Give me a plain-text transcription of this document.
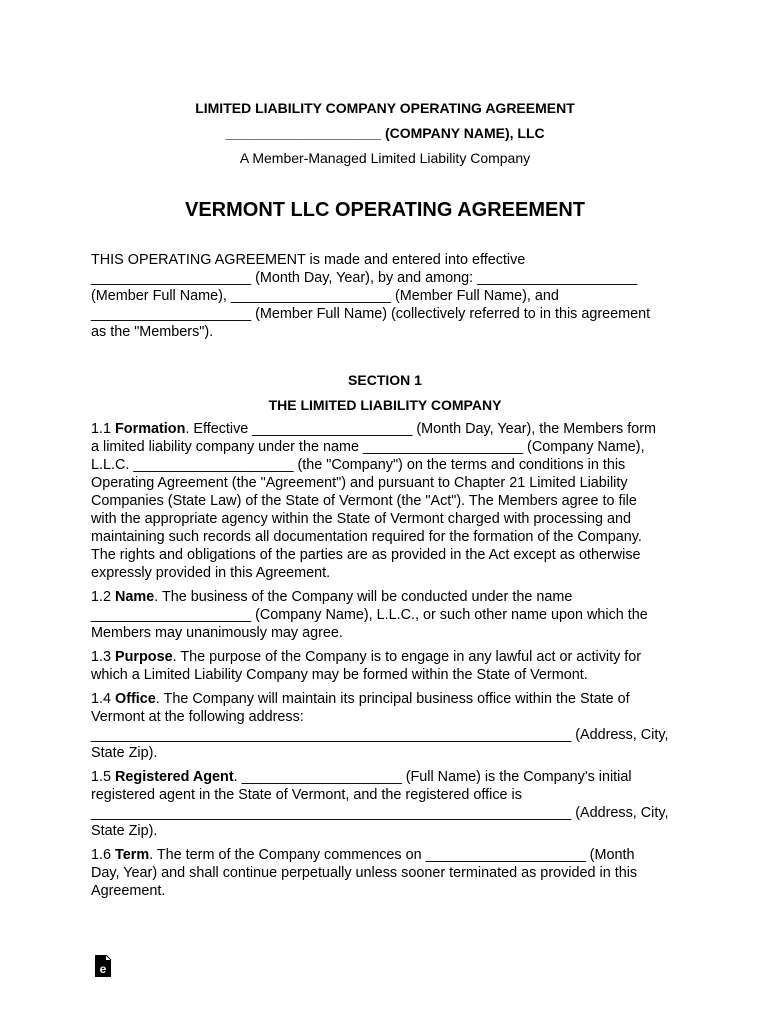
LIMITED LIABILITY COMPANY OPERATING AGREEMENT
____________________ (COMPANY NAME), LLC
A Member-Managed Limited Liability Company
VERMONT LLC OPERATING AGREEMENT
THIS OPERATING AGREEMENT is made and entered into effective
____________________ (Month Day, Year), by and among: ____________________
(Member Full Name), ____________________ (Member Full Name), and
____________________ (Member Full Name) (collectively referred to in this agreement
as the "Members").
SECTION 1
THE LIMITED LIABILITY COMPANY
1.1 Formation. Effective ____________________ (Month Day, Year), the Members form
a limited liability company under the name ____________________ (Company Name),
L.L.C. ____________________ (the "Company") on the terms and conditions in this
Operating Agreement (the "Agreement") and pursuant to Chapter 21 Limited Liability
Companies (State Law) of the State of Vermont (the "Act"). The Members agree to file
with the appropriate agency within the State of Vermont charged with processing and
maintaining such records all documentation required for the formation of the Company.
The rights and obligations of the parties are as provided in the Act except as otherwise
expressly provided in this Agreement.
1.2 Name. The business of the Company will be conducted under the name
____________________ (Company Name), L.L.C., or such other name upon which the
Members may unanimously may agree.
1.3 Purpose. The purpose of the Company is to engage in any lawful act or activity for
which a Limited Liability Company may be formed within the State of Vermont.
1.4 Office. The Company will maintain its principal business office within the State of
Vermont at the following address:
____________________________________________________________ (Address, City,
State Zip).
1.5 Registered Agent. ____________________ (Full Name) is the Company's initial
registered agent in the State of Vermont, and the registered office is
____________________________________________________________ (Address, City,
State Zip).
1.6 Term. The term of the Company commences on ____________________ (Month
Day, Year) and shall continue perpetually unless sooner terminated as provided in this
Agreement.
e
